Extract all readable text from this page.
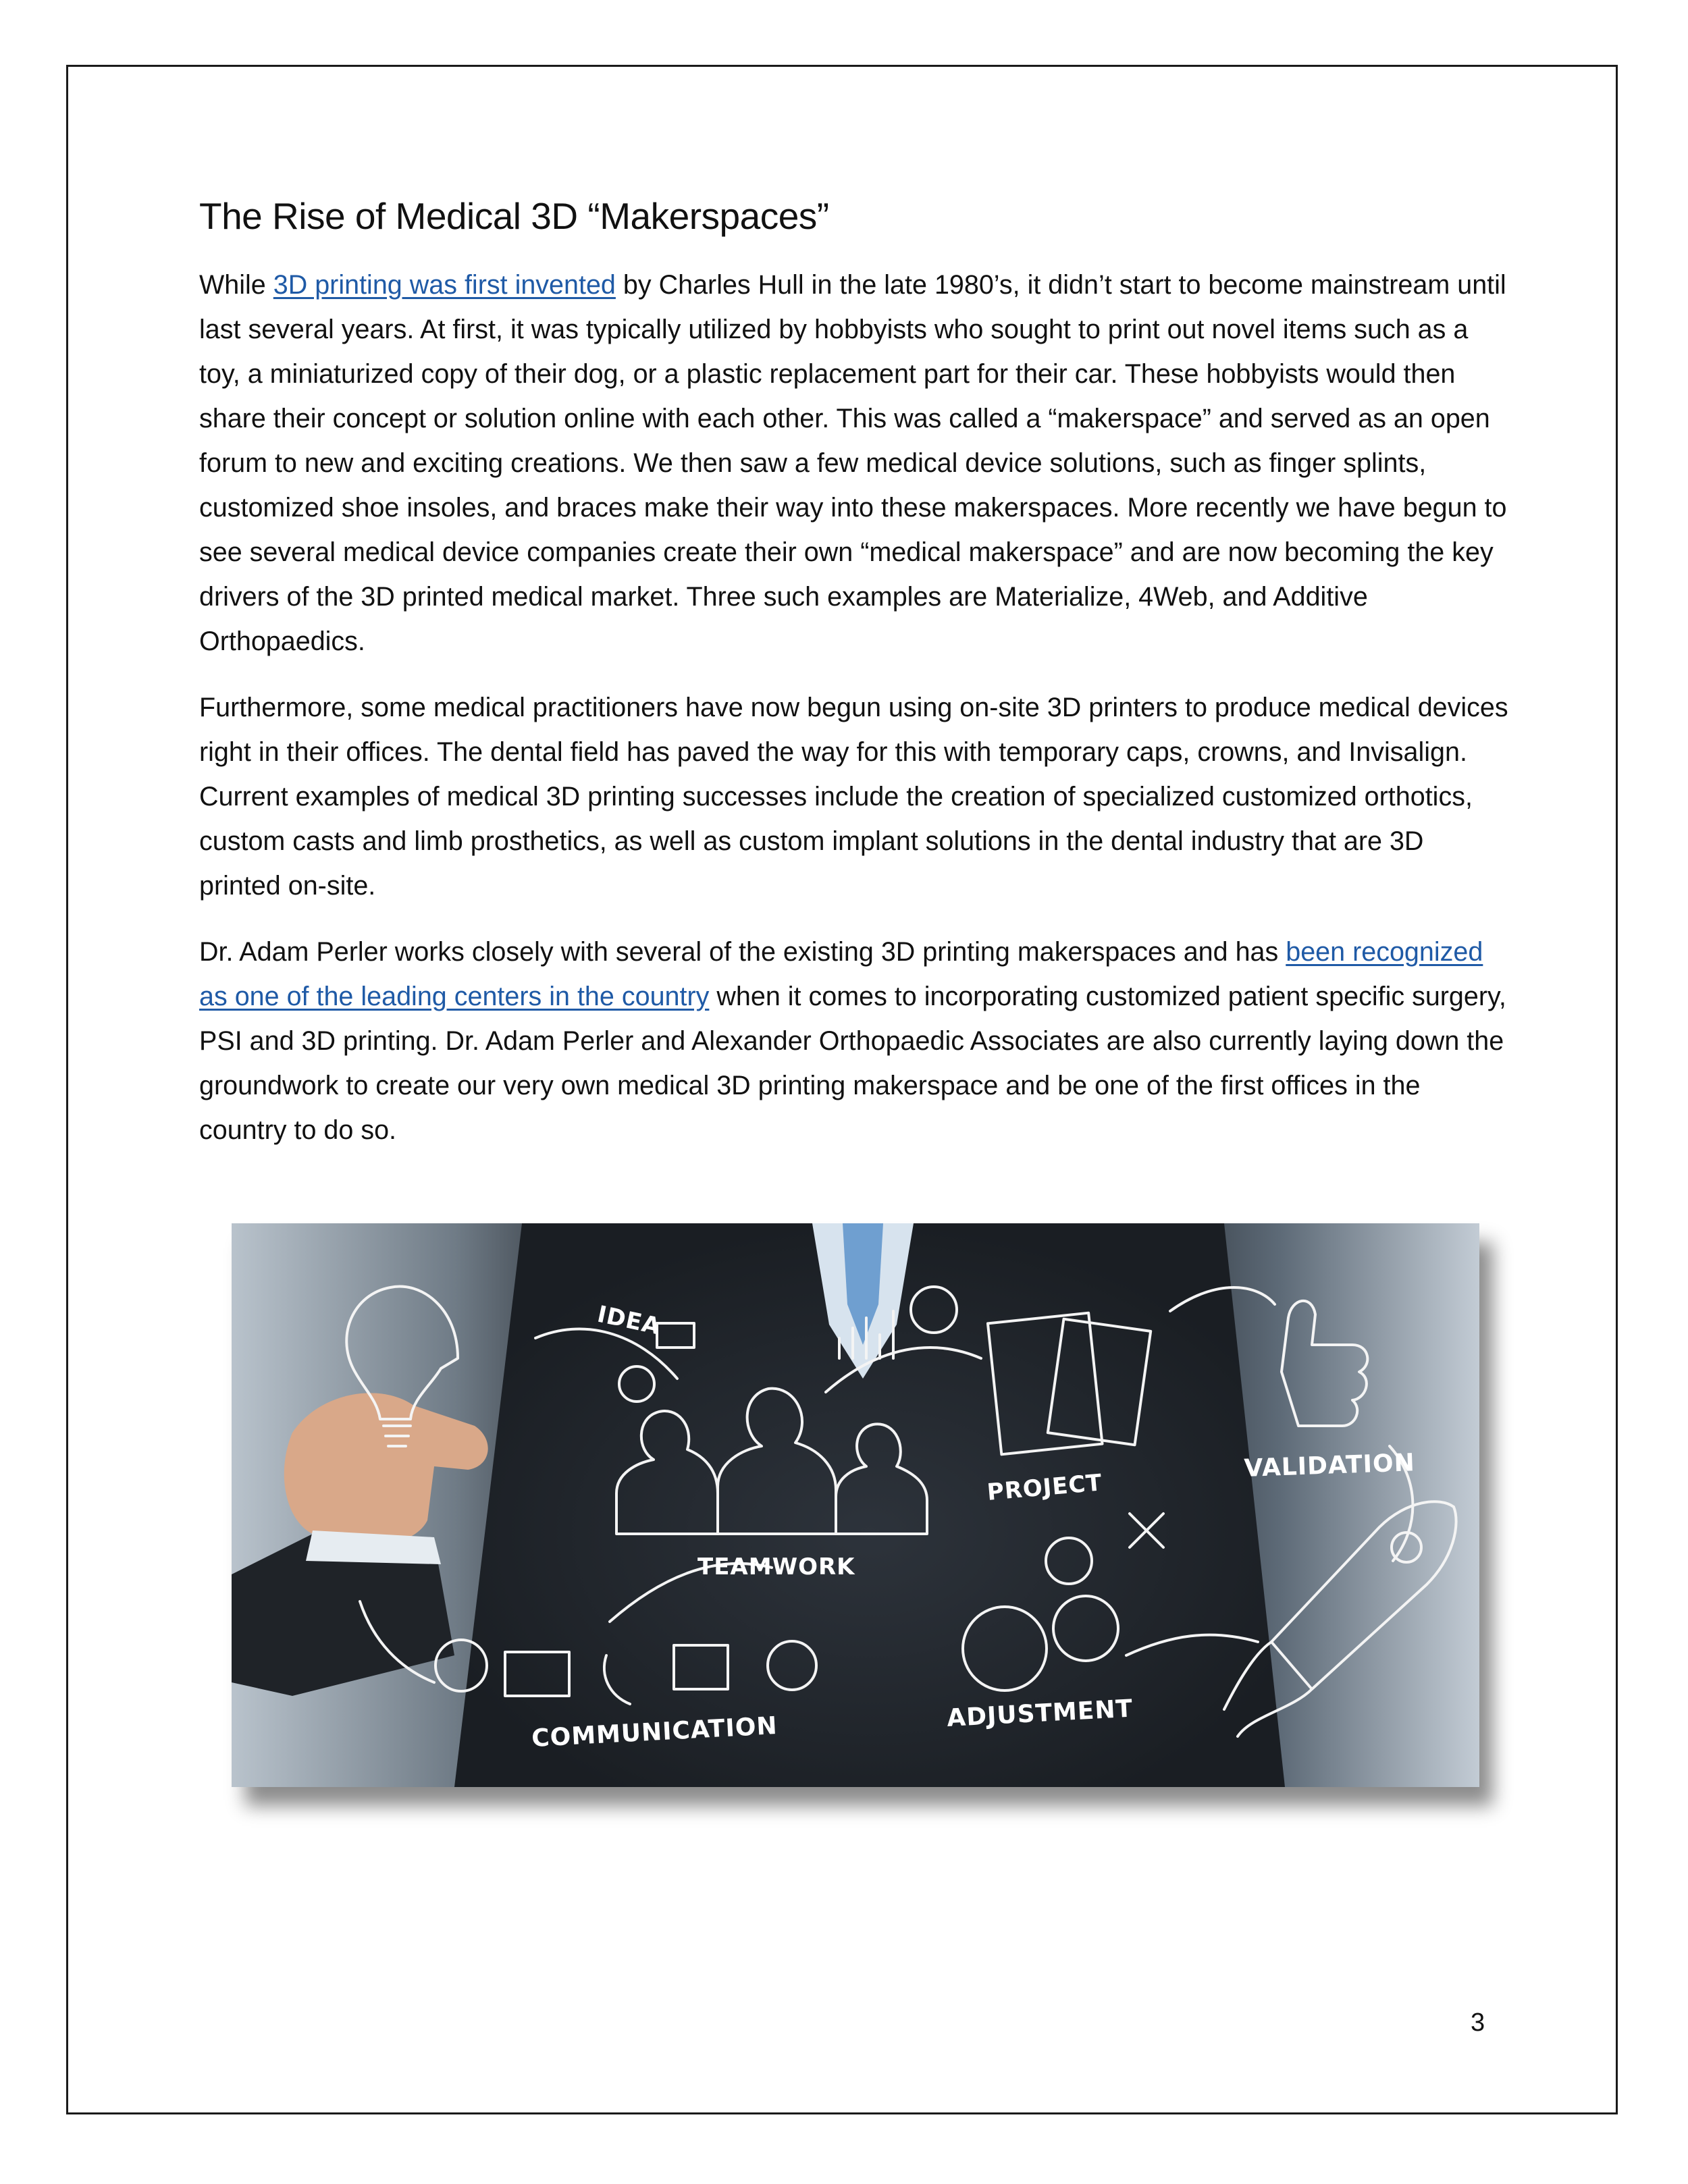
The Rise of Medical 3D “Makerspaces”

While 3D printing was first invented by Charles Hull in the late 1980’s, it didn’t start to become mainstream until last several years. At first, it was typically utilized by hobbyists who sought to print out novel items such as a toy, a miniaturized copy of their dog, or a plastic replacement part for their car. These hobbyists would then share their concept or solution online with each other. This was called a “makerspace” and served as an open forum to new and exciting creations. We then saw a few medical device solutions, such as finger splints, customized shoe insoles, and braces make their way into these makerspaces. More recently we have begun to see several medical device companies create their own “medical makerspace” and are now becoming the key drivers of the 3D printed medical market. Three such examples are Materialize, 4Web, and Additive Orthopaedics.

Furthermore, some medical practitioners have now begun using on-site 3D printers to produce medical devices right in their offices. The dental field has paved the way for this with temporary caps, crowns, and Invisalign. Current examples of medical 3D printing successes include the creation of specialized customized orthotics, custom casts and limb prosthetics, as well as custom implant solutions in the dental industry that are 3D printed on-site.

Dr. Adam Perler works closely with several of the existing 3D printing makerspaces and has been recognized as one of the leading centers in the country when it comes to incorporating customized patient specific surgery, PSI and 3D printing. Dr. Adam Perler and Alexander Orthopaedic Associates are also currently laying down the groundwork to create our very own medical 3D printing makerspace and be one of the first offices in the country to do so.

IDEA
TEAMWORK
PROJECT
VALIDATION
ADJUSTMENT
COMMUNICATION
3
